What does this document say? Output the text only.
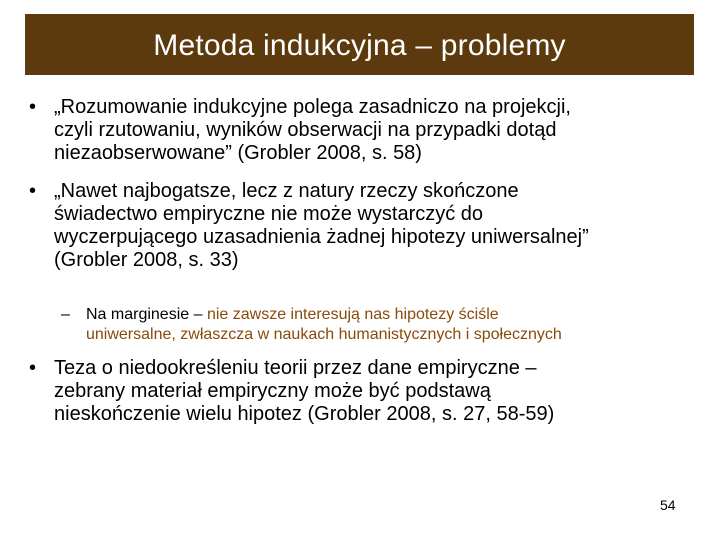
Metoda indukcyjna – problemy
• „Rozumowanie indukcyjne polega zasadniczo na projekcji,
czyli rzutowaniu, wyników obserwacji na przypadki dotąd
niezaobserwowane” (Grobler 2008, s. 58)
• „Nawet najbogatsze, lecz z natury rzeczy skończone
świadectwo empiryczne nie może wystarczyć do
wyczerpującego uzasadnienia żadnej hipotezy uniwersalnej”
(Grobler 2008, s. 33)
– Na marginesie – nie zawsze interesują nas hipotezy ściśle
uniwersalne, zwłaszcza w naukach humanistycznych i społecznych
• Teza o niedookreśleniu teorii przez dane empiryczne –
zebrany materiał empiryczny może być podstawą
nieskończenie wielu hipotez (Grobler 2008, s. 27, 58-59)
54
